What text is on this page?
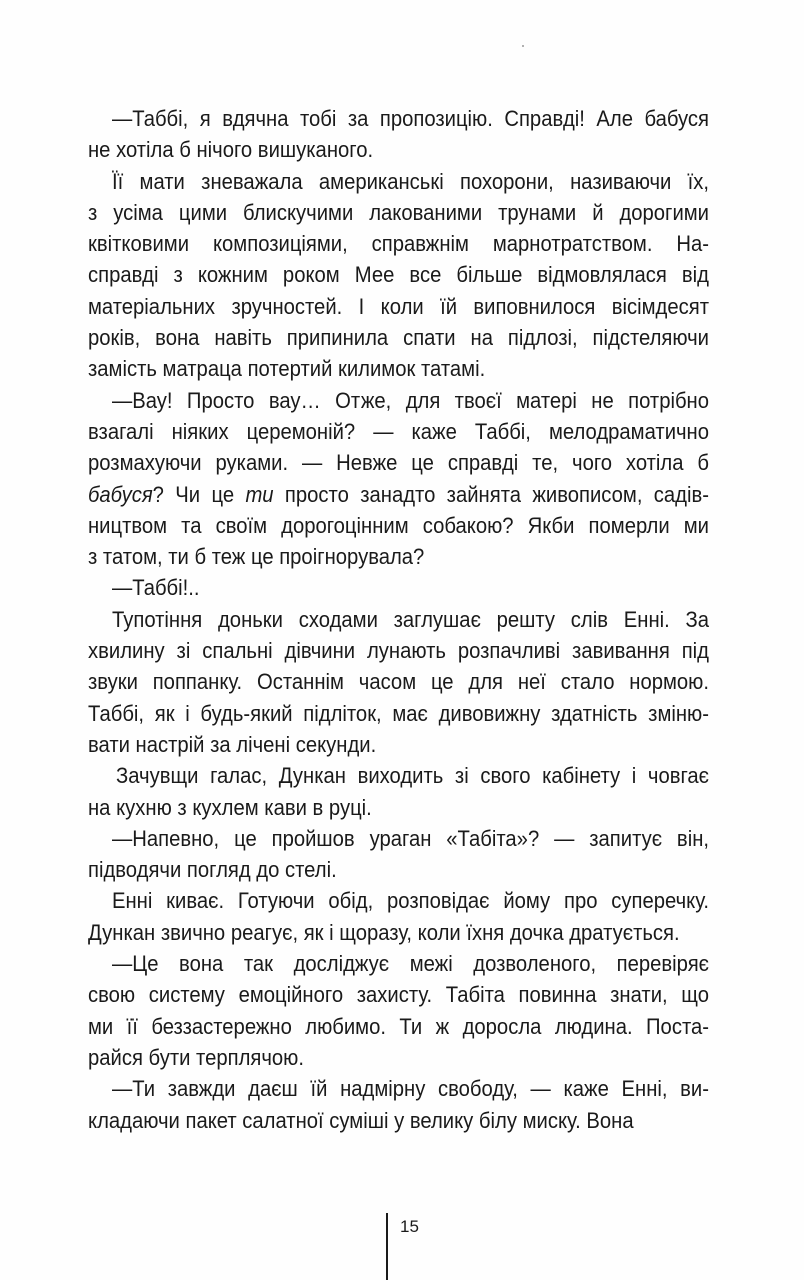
—Таббі, я вдячна тобі за пропозицію. Справді! Але бабуся
не хотіла б нічого вишуканого.
Її мати зневажала американські похорони, називаючи їх,
з усіма цими блискучими лакованими трунами й дорогими
квітковими композиціями, справжнім марнотратством. На-
справді з кожним роком Мее все більше відмовлялася від
матеріальних зручностей. І коли їй виповнилося вісімдесят
років, вона навіть припинила спати на підлозі, підстеляючи
замість матраца потертий килимок татамі.
—Вау! Просто вау… Отже, для твоєї матері не потрібно
взагалі ніяких церемоній? — каже Таббі, мелодраматично
розмахуючи руками. — Невже це справді те, чого хотіла б
бабуся? Чи це ти просто занадто зайнята живописом, садів-
ництвом та своїм дорогоцінним собакою? Якби померли ми
з татом, ти б теж це проігнорувала?
—Таббі!..
Тупотіння доньки сходами заглушає решту слів Енні. За
хвилину зі спальні дівчини лунають розпачливі завивання під
звуки поппанку. Останнім часом це для неї стало нормою.
Таббі, як і будь-який підліток, має дивовижну здатність зміню-
вати настрій за лічені секунди.
Зачувщи галас, Дункан виходить зі свого кабінету і човгає
на кухню з кухлем кави в руці.
—Напевно, це пройшов ураган «Табіта»? — запитує він,
підводячи погляд до стелі.
Енні киває. Готуючи обід, розповідає йому про суперечку.
Дункан звично реагує, як і щоразу, коли їхня дочка дратується.
—Це вона так досліджує межі дозволеного, перевіряє
свою систему емоційного захисту. Табіта повинна знати, що
ми її беззастережно любимо. Ти ж доросла людина. Поста-
райся бути терплячою.
—Ти завжди даєш їй надмірну свободу, — каже Енні, ви-
кладаючи пакет салатної суміші у велику білу миску. Вона
15
